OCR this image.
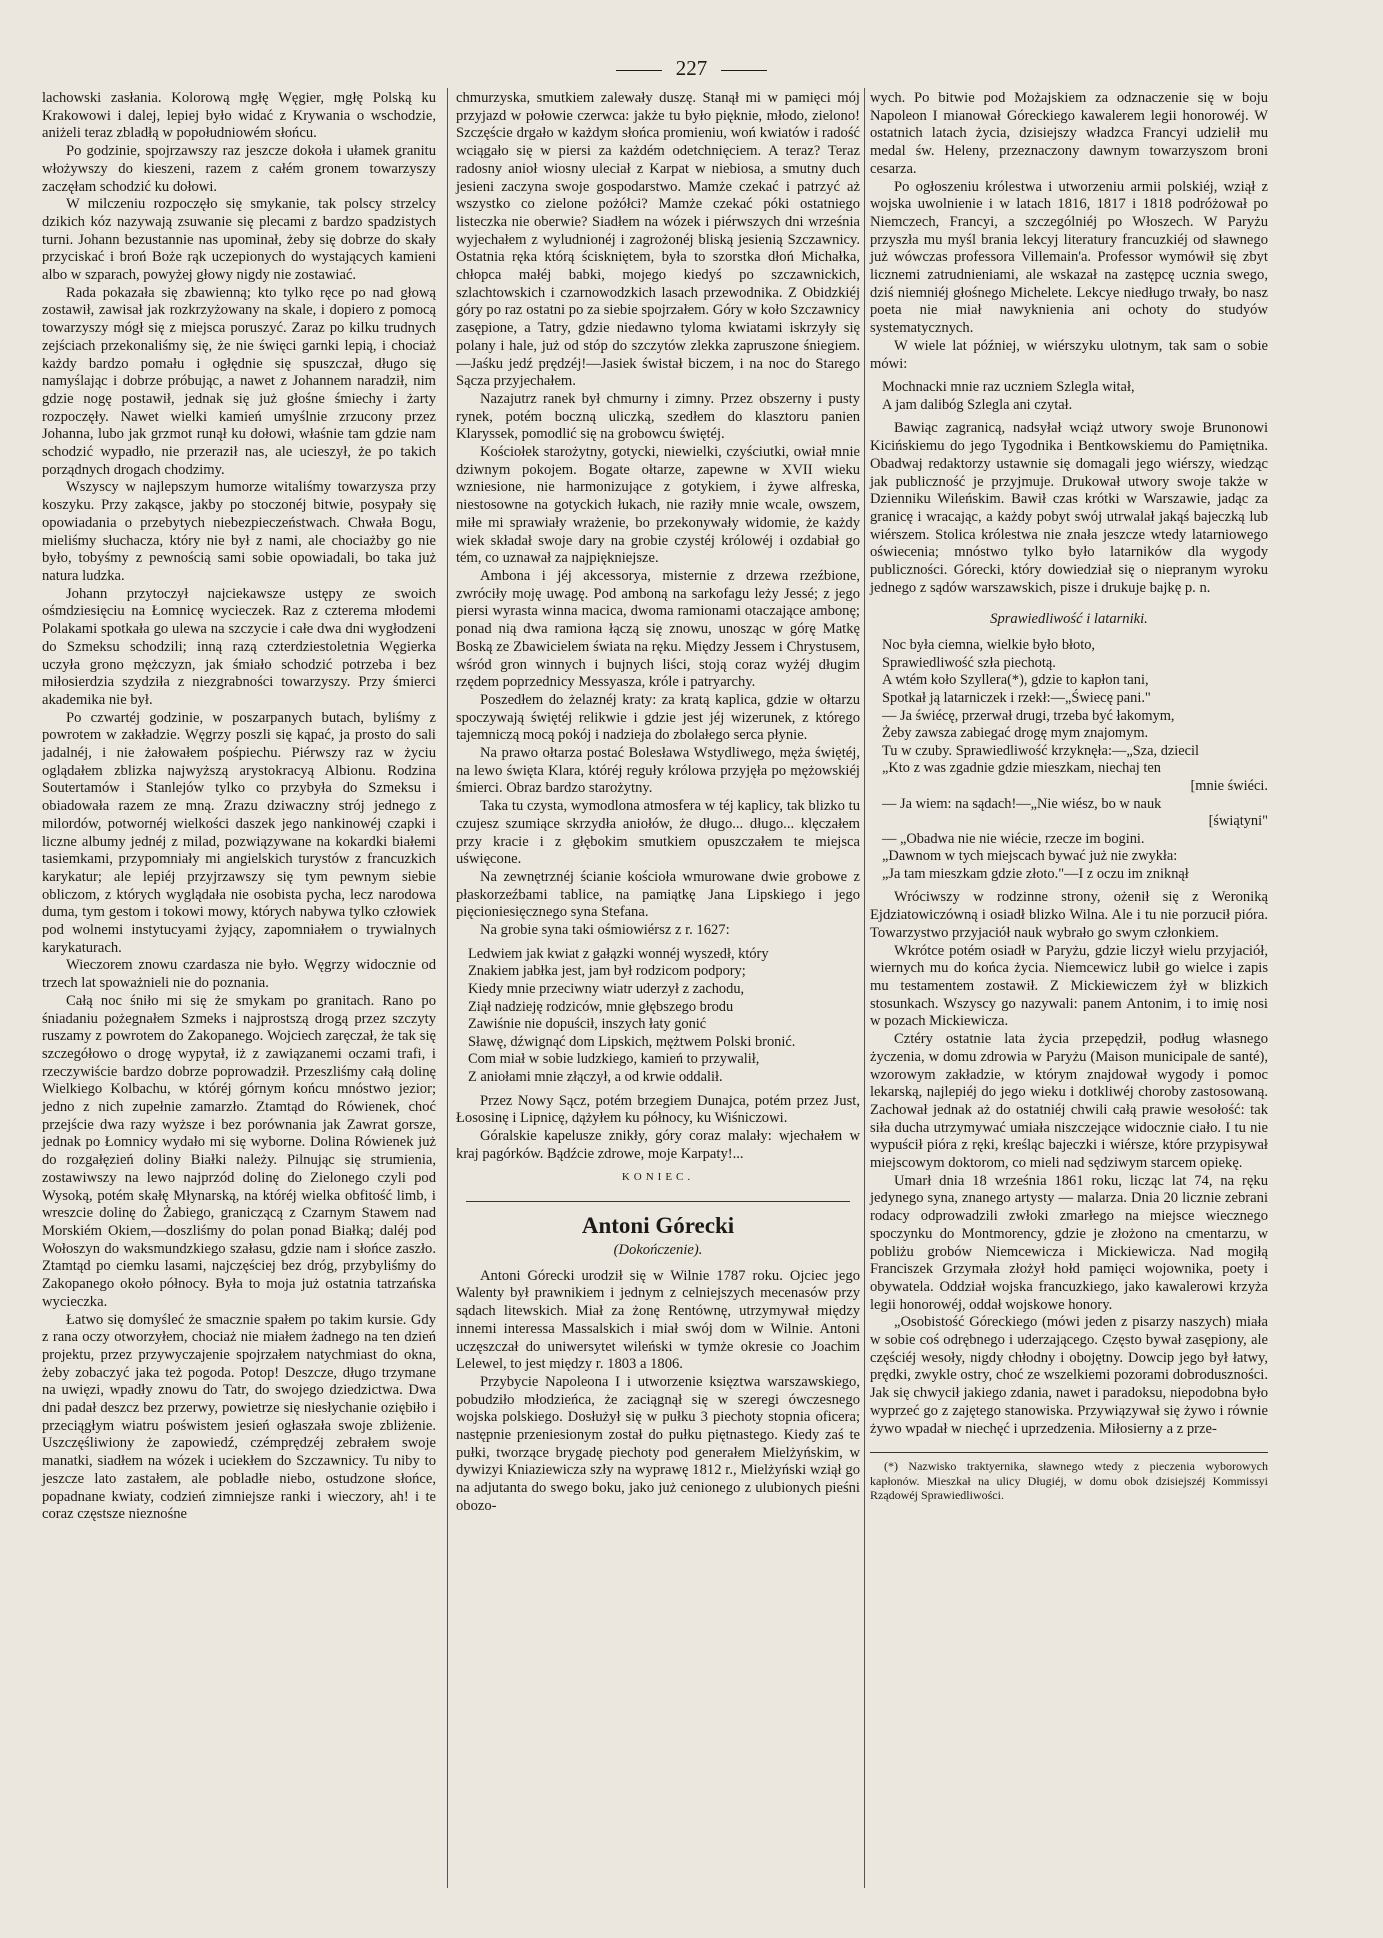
227

lachowski zasłania. Kolorową mgłę Węgier, mgłę Polską ku Krakowowi i dalej, lepiej było widać z Krywania o wschodzie, aniżeli teraz zbladłą w popołudniowém słońcu.

Po godzinie, spojrzawszy raz jeszcze dokoła i ułamek granitu włożywszy do kieszeni, razem z całém gronem towarzyszy zaczęłam schodzić ku dołowi.

W milczeniu rozpoczęło się smykanie, tak polscy strzelcy dzikich kóz nazywają zsuwanie się plecami z bardzo spadzistych turni. Johann bezustannie nas upominał, żeby się dobrze do skały przyciskać i broń Boże rąk uczepionych do wystających kamieni albo w szparach, powyżej głowy nigdy nie zostawiać.

Rada pokazała się zbawienną; kto tylko ręce po nad głową zostawił, zawisał jak rozkrzyżowany na skale, i dopiero z pomocą towarzyszy mógł się z miejsca poruszyć. Zaraz po kilku trudnych zejściach przekonaliśmy się, że nie święci garnki lepią, i chociaż każdy bardzo pomału i ogłędnie się spuszczał, długo się namyślając i dobrze próbując, a nawet z Johannem naradził, nim gdzie nogę postawił, jednak się już głośne śmiechy i żarty rozpoczęły. Nawet wielki kamień umyślnie zrzucony przez Johanna, lubo jak grzmot runął ku dołowi, właśnie tam gdzie nam schodzić wypadło, nie przeraził nas, ale ucieszył, że po takich porządnych drogach chodzimy.

Wszyscy w najlepszym humorze witaliśmy towarzysza przy koszyku. Przy zakąsce, jakby po stoczonéj bitwie, posypały się opowiadania o przebytych niebezpieczeństwach. Chwała Bogu, mieliśmy słuchacza, który nie był z nami, ale chociażby go nie było, tobyśmy z pewnością sami sobie opowiadali, bo taka już natura ludzka.

Johann przytoczył najciekawsze ustępy ze swoich ośmdziesięciu na Łomnicę wycieczek. Raz z czterema młodemi Polakami spotkała go ulewa na szczycie i całe dwa dni wygłodzeni do Szmeksu schodzili; inną razą czterdziestoletnia Węgierka uczyła grono mężczyzn, jak śmiało schodzić potrzeba i bez miłosierdzia szydziła z niezgrabności towarzyszy. Przy śmierci akademika nie był.

Po czwartéj godzinie, w poszarpanych butach, byliśmy z powrotem w zakładzie. Węgrzy poszli się kąpać, ja prosto do sali jadalnéj, i nie żałowałem pośpiechu. Piérwszy raz w życiu oglądałem zblizka najwyższą arystokracyą Albionu. Rodzina Soutertamów i Stanlejów tylko co przybyła do Szmeksu i obiadowała razem ze mną. Zrazu dziwaczny strój jednego z milordów, potwornéj wielkości daszek jego nankinowéj czapki i liczne albumy jednéj z milad, pozwiązywane na kokardki białemi tasiemkami, przypomniały mi angielskich turystów z francuzkich karykatur; ale lepiéj przyjrzawszy się tym pewnym siebie obliczom, z których wyglądała nie osobista pycha, lecz narodowa duma, tym gestom i tokowi mowy, których nabywa tylko człowiek pod wolnemi instytucyami żyjący, zapomniałem o trywialnych karykaturach.

Wieczorem znowu czardasza nie było. Węgrzy widocznie od trzech lat spoważnieli nie do poznania.

Całą noc śniło mi się że smykam po granitach. Rano po śniadaniu pożegnałem Szmeks i najprostszą drogą przez szczyty ruszamy z powrotem do Zakopanego. Wojciech zaręczał, że tak się szczegółowo o drogę wypytał, iż z zawiązanemi oczami trafi, i rzeczywiście bardzo dobrze poprowadził. Przeszliśmy całą dolinę Wielkiego Kolbachu, w któréj górnym końcu mnóstwo jezior; jedno z nich zupełnie zamarzło. Ztamtąd do Rówienek, choć przejście dwa razy wyższe i bez porównania jak Zawrat gorsze, jednak po Łomnicy wydało mi się wyborne. Dolina Rówienek już do rozgałęzień doliny Białki należy. Pilnując się strumienia, zostawiwszy na lewo najprzód dolinę do Zielonego czyli pod Wysoką, potém skałę Młynarską, na któréj wielka obfitość limb, i wreszcie dolinę do Żabiego, graniczącą z Czarnym Stawem nad Morskiém Okiem,—doszliśmy do polan ponad Białką; daléj pod Wołoszyn do waksmundzkiego szałasu, gdzie nam i słońce zaszło. Ztamtąd po ciemku lasami, najczęściej bez dróg, przybyliśmy do Zakopanego około północy. Była to moja już ostatnia tatrzańska wycieczka.

Łatwo się domyśleć że smacznie spałem po takim kursie. Gdy z rana oczy otworzyłem, chociaż nie miałem żadnego na ten dzień projektu, przez przywyczajenie spojrzałem natychmiast do okna, żeby zobaczyć jaka też pogoda. Potop! Deszcze, długo trzymane na uwięzi, wpadły znowu do Tatr, do swojego dziedzictwa. Dwa dni padał deszcz bez przerwy, powietrze się niesłychanie oziębiło i przeciągłym wiatru poświstem jesień ogłaszała swoje zbliżenie. Uszczęśliwiony że zapowiedź, czémprędzéj zebrałem swoje manatki, siadłem na wózek i uciekłem do Szczawnicy. Tu niby to jeszcze lato zastałem, ale pobladłe niebo, ostudzone słońce, popadnane kwiaty, codzień zimniejsze ranki i wieczory, ah! i te coraz częstsze nieznośne

chmurzyska, smutkiem zalewały duszę. Stanął mi w pamięci mój przyjazd w połowie czerwca: jakże tu było pięknie, młodo, zielono! Szczęście drgało w każdym słońca promieniu, woń kwiatów i radość wciągało się w piersi za każdém odetchnięciem. A teraz? Teraz radosny anioł wiosny uleciał z Karpat w niebiosa, a smutny duch jesieni zaczyna swoje gospodarstwo. Mamże czekać i patrzyć aż wszystko co zielone pożółci? Mamże czekać póki ostatniego listeczka nie oberwie? Siadłem na wózek i piérwszych dni września wyjechałem z wyludnionéj i zagrożonéj bliską jesienią Szczawnicy. Ostatnia ręka którą ściskniętem, była to szorstka dłoń Michałka, chłopca małéj babki, mojego kiedyś po szczawnickich, szlachtowskich i czarnowodzkich lasach przewodnika. Z Obidzkiéj góry po raz ostatni po za siebie spojrzałem. Góry w koło Szczawnicy zasępione, a Tatry, gdzie niedawno tyloma kwiatami iskrzyły się polany i hale, już od stóp do szczytów zlekka zapruszone śniegiem. —Jaśku jedź prędzéj!—Jasiek świstał biczem, i na noc do Starego Sącza przyjechałem.

Nazajutrz ranek był chmurny i zimny. Przez obszerny i pusty rynek, potém boczną uliczką, szedłem do klasztoru panien Klaryssek, pomodlić się na grobowcu świętéj.

Kościołek starożytny, gotycki, niewielki, czyściutki, owiał mnie dziwnym pokojem. Bogate ołtarze, zapewne w XVII wieku wzniesione, nie harmonizujące z gotykiem, i żywe alfreska, niestosowne na gotyckich łukach, nie raziły mnie wcale, owszem, miłe mi sprawiały wrażenie, bo przekonywały widomie, że każdy wiek składał swoje dary na grobie czystéj królowéj i ozdabiał go tém, co uznawał za najpiękniejsze.

Ambona i jéj akcessorya, misternie z drzewa rzeźbione, zwróciły moję uwagę. Pod amboną na sarkofagu leży Jessé; z jego piersi wyrasta winna macica, dwoma ramionami otaczające ambonę; ponad nią dwa ramiona łączą się znowu, unosząc w górę Matkę Boską ze Zbawicielem świata na ręku. Między Jessem i Chrystusem, wśród gron winnych i bujnych liści, stoją coraz wyżéj długim rzędem poprzednicy Messyasza, króle i patryarchy.

Poszedłem do żelaznéj kraty: za kratą kaplica, gdzie w ołtarzu spoczywają świętéj relikwie i gdzie jest jéj wizerunek, z którego tajemniczą mocą pokój i nadzieja do zbolałego serca płynie.

Na prawo ołtarza postać Bolesława Wstydliwego, męża świętéj, na lewo święta Klara, któréj reguły królowa przyjęła po mężowskiéj śmierci. Obraz bardzo starożytny.

Taka tu czysta, wymodlona atmosfera w téj kaplicy, tak blizko tu czujesz szumiące skrzydła aniołów, że długo... długo... klęczałem przy kracie i z głębokim smutkiem opuszczałem te miejsca uświęcone.

Na zewnętrznéj ścianie kościoła wmurowane dwie grobowe z płaskorzeźbami tablice, na pamiątkę Jana Lipskiego i jego pięcioniesięcznego syna Stefana.

Na grobie syna taki ośmiowiérsz z r. 1627:

Ledwiem jak kwiat z gałązki wonnéj wyszedł, który

Znakiem jabłka jest, jam był rodzicom podpory;

Kiedy mnie przeciwny wiatr uderzył z zachodu,

Ziął nadzieję rodziców, mnie głębszego brodu

Zawiśnie nie dopuścił, inszych łaty gonić

Sławę, dźwignąć dom Lipskich, mężtwem Polski bronić.

Com miał w sobie ludzkiego, kamień to przywalił,

Z aniołami mnie złączył, a od krwie oddalił.

Przez Nowy Sącz, potém brzegiem Dunajca, potém przez Just, Łososinę i Lipnicę, dążyłem ku północy, ku Wiśniczowi.

Góralskie kapelusze znikły, góry coraz malały: wjechałem w kraj pagórków. Bądźcie zdrowe, moje Karpaty!...

KONIEC.
Antoni Górecki
(Dokończenie).

Antoni Górecki urodził się w Wilnie 1787 roku. Ojciec jego Walenty był prawnikiem i jednym z celniejszych mecenasów przy sądach litewskich. Miał za żonę Rentównę, utrzymywał między innemi interessa Massalskich i miał swój dom w Wilnie. Antoni uczęszczał do uniwersytet wileński w tymże okresie co Joachim Lelewel, to jest między r. 1803 a 1806.

Przybycie Napoleona I i utworzenie księztwa warszawskiego, pobudziło młodzieńca, że zaciągnął się w szeregi ówczesnego wojska polskiego. Dosłużył się w pułku 3 piechoty stopnia oficera; następnie przeniesionym został do pułku piętnastego. Kiedy zaś te pułki, tworzące brygadę piechoty pod generałem Mielżyńskim, w dywizyi Kniaziewicza szły na wyprawę 1812 r., Mielżyński wziął go na adjutanta do swego boku, jako już cenionego z ulubionych pieśni obozo-

wych. Po bitwie pod Możajskiem za odznaczenie się w boju Napoleon I mianował Góreckiego kawalerem legii honorowéj. W ostatnich latach życia, dzisiejszy władzca Francyi udzielił mu medal św. Heleny, przeznaczony dawnym towarzyszom broni cesarza.

Po ogłoszeniu królestwa i utworzeniu armii polskiéj, wziął z wojska uwolnienie i w latach 1816, 1817 i 1818 podróżował po Niemczech, Francyi, a szczególniéj po Włoszech. W Paryżu przyszła mu myśl brania lekcyj literatury francuzkiéj od sławnego już wówczas professora Villemain'a. Professor wymówił się zbyt licznemi zatrudnieniami, ale wskazał na zastępcę ucznia swego, dziś niemniéj głośnego Michelete. Lekcye niedługo trwały, bo nasz poeta nie miał nawyknienia ani ochoty do studyów systematycznych.

W wiele lat później, w wiérszyku ulotnym, tak sam o sobie mówi:

Mochnacki mnie raz uczniem Szlegla witał,

A jam dalibóg Szlegla ani czytał.

Bawiąc zagranicą, nadsyłał wciąż utwory swoje Brunonowi Kicińskiemu do jego Tygodnika i Bentkowskiemu do Pamiętnika. Obadwaj redaktorzy ustawnie się domagali jego wiérszy, wiedząc jak publiczność je przyjmuje. Drukował utwory swoje także w Dzienniku Wileńskim. Bawił czas krótki w Warszawie, jadąc za granicę i wracając, a każdy pobyt swój utrwalał jakąś bajeczką lub wiérszem. Stolica królestwa nie znała jeszcze wtedy latarniowego oświecenia; mnóstwo tylko było latarników dla wygody publiczności. Górecki, który dowiedział się o niepranym wyroku jednego z sądów warszawskich, pisze i drukuje bajkę p. n.

Sprawiedliwość i latarniki.

Noc była ciemna, wielkie było błoto,

Sprawiedliwość szła piechotą.

A wtém koło Szyllera(*), gdzie to kapłon tani,

Spotkał ją latarniczek i rzekł:—„Świecę pani."

— Ja świécę, przerwał drugi, trzeba być łakomym,

Żeby zawsza zabiegać drogę mym znajomym.

Tu w czuby. Sprawiedliwość krzyknęła:—„Sza, dziecil

„Kto z was zgadnie gdzie mieszkam, niechaj ten

[mnie świéci.

— Ja wiem: na sądach!—„Nie wiész, bo w nauk

[świątyni"

— „Obadwa nie nie wiécie, rzecze im bogini.

„Dawnom w tych miejscach bywać już nie zwykła:

„Ja tam mieszkam gdzie złoto."—I z oczu im zniknął

Wróciwszy w rodzinne strony, ożenił się z Weroniką Ejdziatowiczówną i osiadł blizko Wilna. Ale i tu nie porzucił pióra. Towarzystwo przyjaciół nauk wybrało go swym członkiem.

Wkrótce potém osiadł w Paryżu, gdzie liczył wielu przyjaciół, wiernych mu do końca życia. Niemcewicz lubił go wielce i zapis mu testamentem zostawił. Z Mickiewiczem żył w blizkich stosunkach. Wszyscy go nazywali: panem Antonim, i to imię nosi w pozach Mickiewicza.

Cztéry ostatnie lata życia przepędził, podług własnego życzenia, w domu zdrowia w Paryżu (Maison municipale de santé), wzorowym zakładzie, w którym znajdował wygody i pomoc lekarską, najlepiéj do jego wieku i dotkliwéj choroby zastosowaną. Zachował jednak aż do ostatniéj chwili całą prawie wesołość: tak siła ducha utrzymywać umiała niszczejące widocznie ciało. I tu nie wypuścił pióra z ręki, kreśląc bajeczki i wiérsze, które przypisywał miejscowym doktorom, co mieli nad sędziwym starcem opiekę.

Umarł dnia 18 września 1861 roku, licząc lat 74, na ręku jedynego syna, znanego artysty — malarza. Dnia 20 licznie zebrani rodacy odprowadzili zwłoki zmarłego na miejsce wiecznego spoczynku do Montmorency, gdzie je złożono na cmentarzu, w pobliżu grobów Niemcewicza i Mickiewicza. Nad mogiłą Franciszek Grzymała złożył hołd pamięci wojownika, poety i obywatela. Oddział wojska francuzkiego, jako kawalerowi krzyża legii honorowéj, oddał wojskowe honory.

„Osobistość Góreckiego (mówi jeden z pisarzy naszych) miała w sobie coś odrębnego i uderzającego. Często bywał zasępiony, ale częściéj wesoły, nigdy chłodny i obojętny. Dowcip jego był łatwy, prędki, zwykle ostry, choć ze wszelkiemi pozorami dobroduszności. Jak się chwycił jakiego zdania, nawet i paradoksu, niepodobna było wyprzeć go z zajętego stanowiska. Przywiązywał się żywo i równie żywo wpadał w niechęć i uprzedzenia. Miłosierny a z prze-

(*) Nazwisko traktyernika, sławnego wtedy z pieczenia wyborowych kapłonów. Mieszkał na ulicy Długiéj, w domu obok dzisiejszéj Kommissyi Rządowéj Sprawiedliwości.
